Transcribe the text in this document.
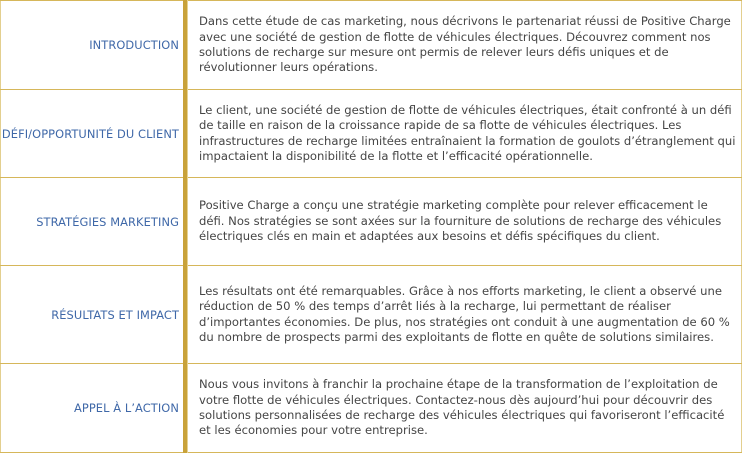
INTRODUCTION
Dans cette étude de cas marketing, nous décrivons le partenariat réussi de Positive Charge avec une société de gestion de flotte de véhicules électriques. Découvrez comment nos solutions de recharge sur mesure ont permis de relever leurs défis uniques et de révolutionner leurs opérations.
DÉFI/OPPORTUNITÉ DU CLIENT
Le client, une société de gestion de flotte de véhicules électriques, était confronté à un défi de taille en raison de la croissance rapide de sa flotte de véhicules électriques. Les infrastructures de recharge limitées entraînaient la formation de goulots d’étranglement qui impactaient la disponibilité de la flotte et l’efficacité opérationnelle.
STRATÉGIES MARKETING
Positive Charge a conçu une stratégie marketing complète pour relever efficacement le défi. Nos stratégies se sont axées sur la fourniture de solutions de recharge des véhicules électriques clés en main et adaptées aux besoins et défis spécifiques du client.
RÉSULTATS ET IMPACT
Les résultats ont été remarquables. Grâce à nos efforts marketing, le client a observé une réduction de 50 % des temps d’arrêt liés à la recharge, lui permettant de réaliser d’importantes économies. De plus, nos stratégies ont conduit à une augmentation de 60 % du nombre de prospects parmi des exploitants de flotte en quête de solutions similaires.
APPEL À L’ACTION
Nous vous invitons à franchir la prochaine étape de la transformation de l’exploitation de votre flotte de véhicules électriques. Contactez-nous dès aujourd’hui pour découvrir des solutions personnalisées de recharge des véhicules électriques qui favoriseront l’efficacité et les économies pour votre entreprise.
